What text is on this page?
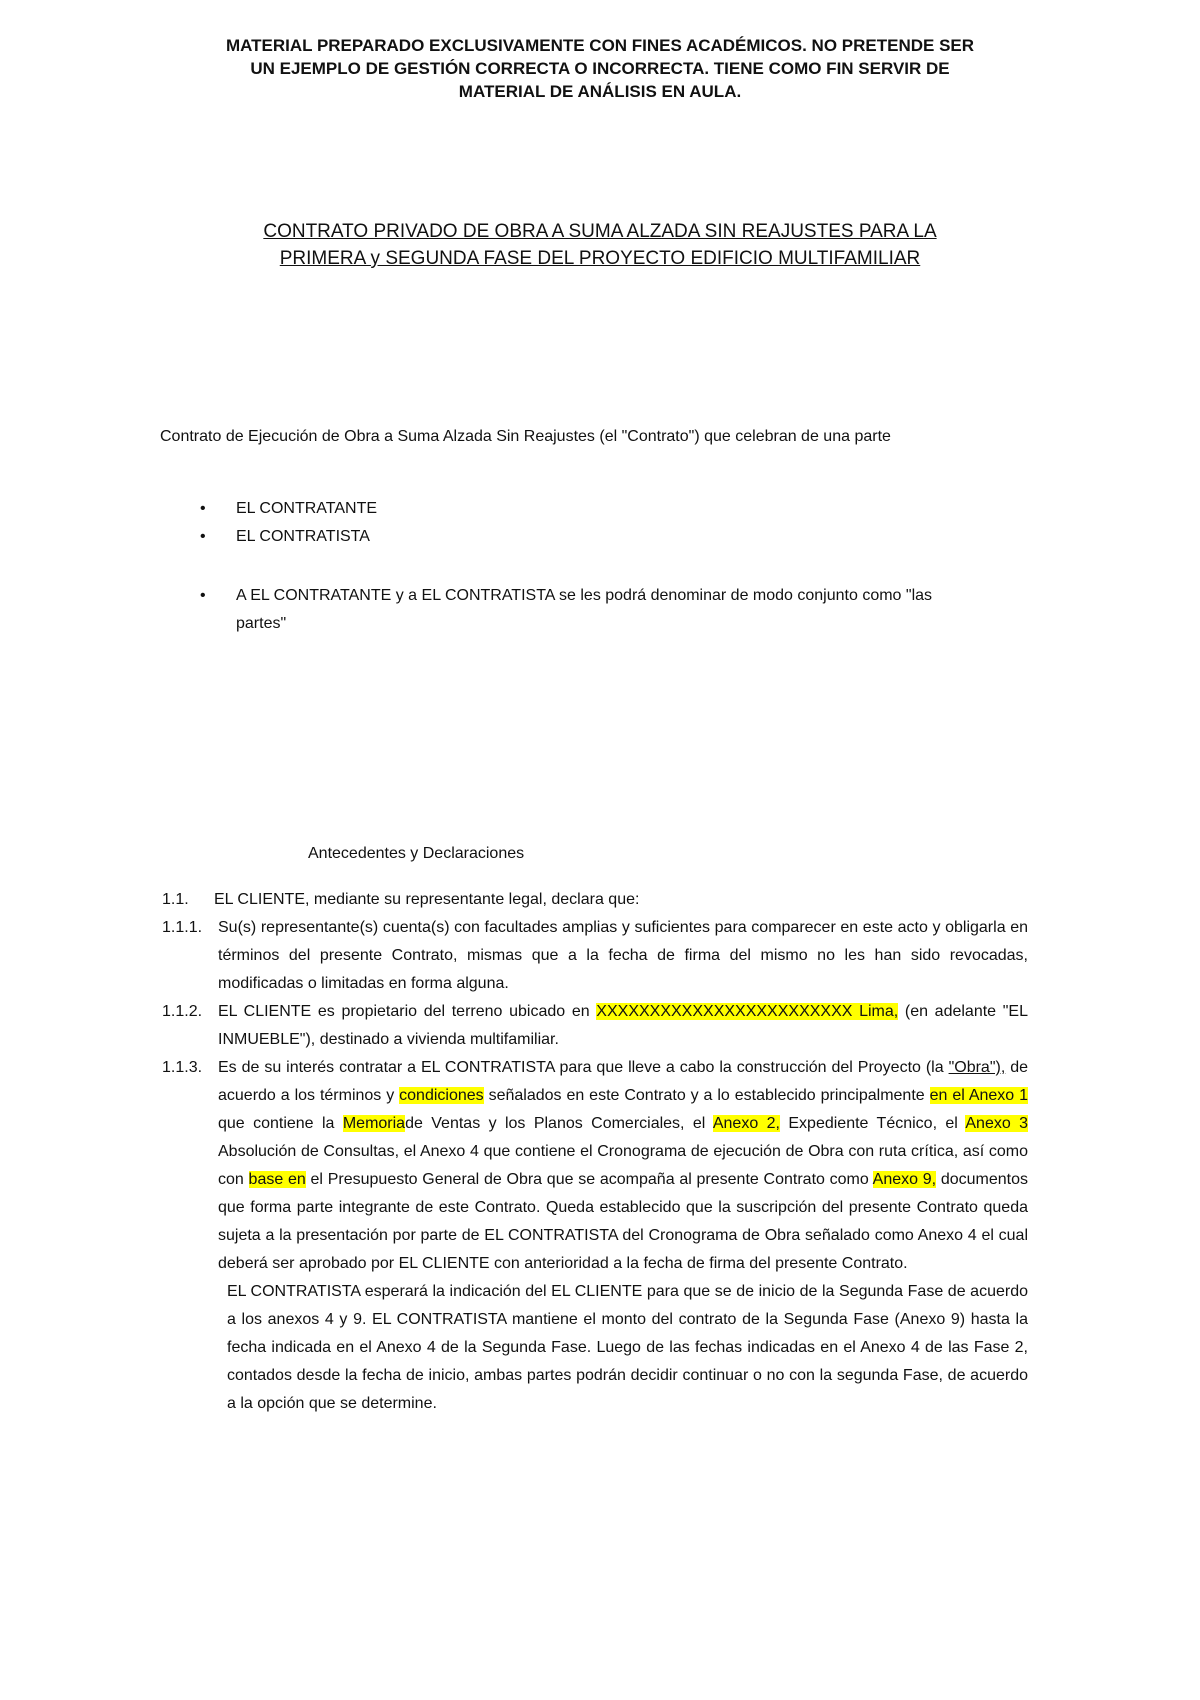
MATERIAL PREPARADO EXCLUSIVAMENTE CON FINES ACADÉMICOS. NO PRETENDE SER
UN EJEMPLO DE GESTIÓN CORRECTA O INCORRECTA. TIENE COMO FIN SERVIR DE
MATERIAL DE ANÁLISIS EN AULA.
CONTRATO PRIVADO DE OBRA A SUMA ALZADA SIN REAJUSTES PARA LA
PRIMERA y SEGUNDA FASE DEL PROYECTO EDIFICIO MULTIFAMILIAR
Contrato de Ejecución de Obra a Suma Alzada Sin Reajustes (el "Contrato") que celebran de una parte
• EL CONTRATANTE
• EL CONTRATISTA
• A EL CONTRATANTE y a EL CONTRATISTA se les podrá denominar de modo conjunto como "las partes"
Antecedentes y Declaraciones
1.1. EL CLIENTE, mediante su representante legal, declara que:
1.1.1. Su(s) representante(s) cuenta(s) con facultades amplias y suficientes para comparecer en este acto y obligarla en términos del presente Contrato, mismas que a la fecha de firma del mismo no les han sido revocadas, modificadas o limitadas en forma alguna.
1.1.2. EL CLIENTE es propietario del terreno ubicado en XXXXXXXXXXXXXXXXXXXXXXXX Lima, (en adelante "EL INMUEBLE"), destinado a vivienda multifamiliar.
1.1.3. Es de su interés contratar a EL CONTRATISTA para que lleve a cabo la construcción del Proyecto (la "Obra"), de acuerdo a los términos y condiciones señalados en este Contrato y a lo establecido principalmente en el Anexo 1 que contiene la Memoriade Ventas y los Planos Comerciales, el Anexo 2, Expediente Técnico, el Anexo 3 Absolución de Consultas, el Anexo 4 que contiene el Cronograma de ejecución de Obra con ruta crítica, así como con base en el Presupuesto General de Obra que se acompaña al presente Contrato como Anexo 9, documentos que forma parte integrante de este Contrato. Queda establecido que la suscripción del presente Contrato queda sujeta a la presentación por parte de EL CONTRATISTA del Cronograma de Obra señalado como Anexo 4 el cual deberá ser aprobado por EL CLIENTE con anterioridad a la fecha de firma del presente Contrato.
EL CONTRATISTA esperará la indicación del EL CLIENTE para que se de inicio de la Segunda Fase de acuerdo a los anexos 4 y 9. EL CONTRATISTA mantiene el monto del contrato de la Segunda Fase (Anexo 9) hasta la fecha indicada en el Anexo 4 de la Segunda Fase. Luego de las fechas indicadas en el Anexo 4 de las Fase 2, contados desde la fecha de inicio, ambas partes podrán decidir continuar o no con la segunda Fase, de acuerdo a la opción que se determine.
